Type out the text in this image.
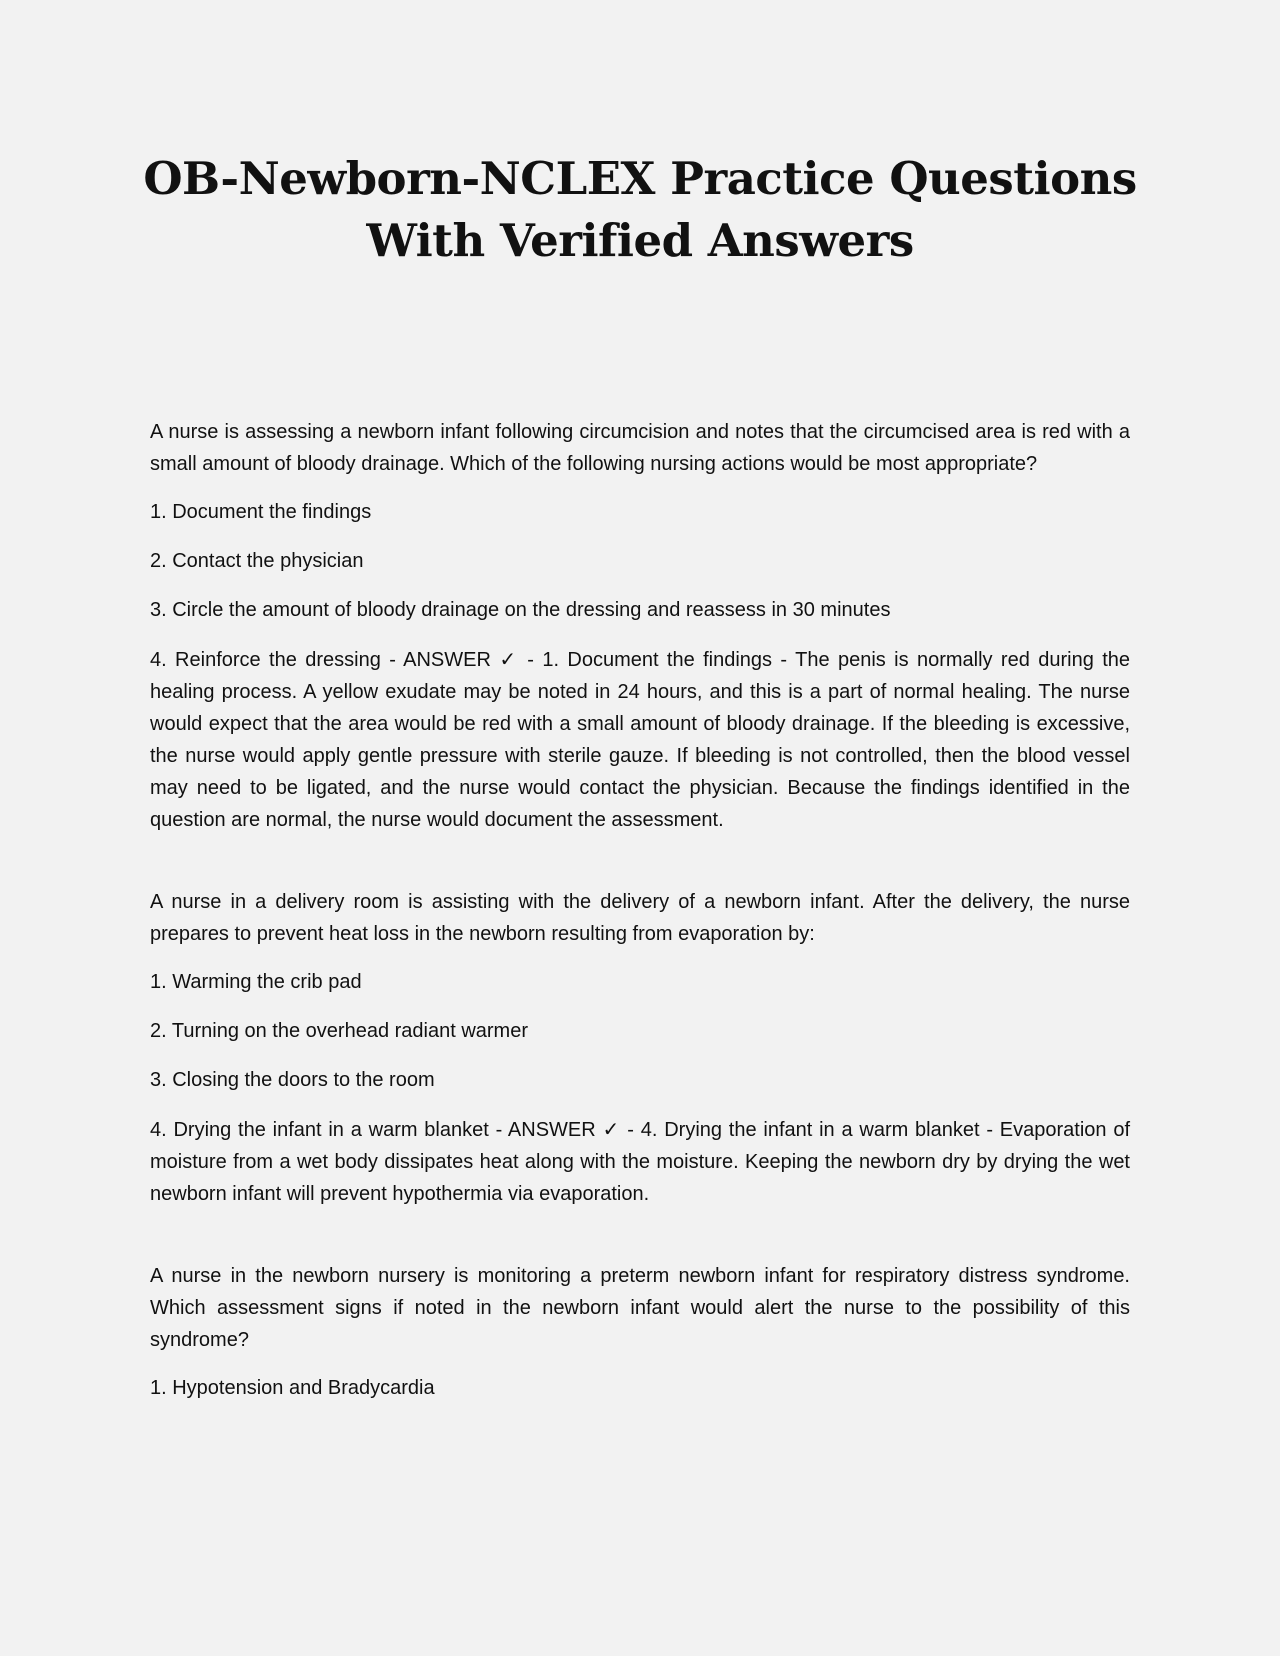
OB-Newborn-NCLEX Practice Questions With Verified Answers

A nurse is assessing a newborn infant following circumcision and notes that the circumcised area is red with a small amount of bloody drainage. Which of the following nursing actions would be most appropriate?

1. Document the findings

2. Contact the physician

3. Circle the amount of bloody drainage on the dressing and reassess in 30 minutes

4. Reinforce the dressing - ANSWER ✓ - 1. Document the findings - The penis is normally red during the healing process. A yellow exudate may be noted in 24 hours, and this is a part of normal healing. The nurse would expect that the area would be red with a small amount of bloody drainage. If the bleeding is excessive, the nurse would apply gentle pressure with sterile gauze. If bleeding is not controlled, then the blood vessel may need to be ligated, and the nurse would contact the physician. Because the findings identified in the question are normal, the nurse would document the assessment.

A nurse in a delivery room is assisting with the delivery of a newborn infant. After the delivery, the nurse prepares to prevent heat loss in the newborn resulting from evaporation by:

1. Warming the crib pad

2. Turning on the overhead radiant warmer

3. Closing the doors to the room

4. Drying the infant in a warm blanket - ANSWER ✓ - 4. Drying the infant in a warm blanket - Evaporation of moisture from a wet body dissipates heat along with the moisture. Keeping the newborn dry by drying the wet newborn infant will prevent hypothermia via evaporation.

A nurse in the newborn nursery is monitoring a preterm newborn infant for respiratory distress syndrome. Which assessment signs if noted in the newborn infant would alert the nurse to the possibility of this syndrome?

1. Hypotension and Bradycardia
